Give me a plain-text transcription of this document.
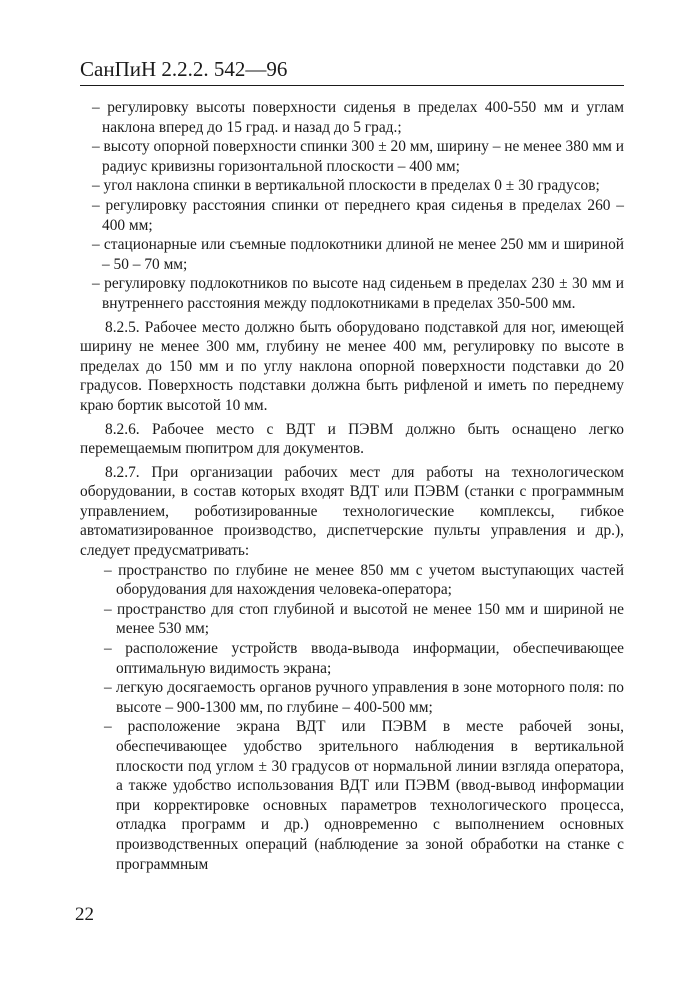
СанПиН 2.2.2. 542—96

– регулировку высоты поверхности сиденья в пределах 400-550 мм и углам наклона вперед до 15 град. и назад до 5 град.;

– высоту опорной поверхности спинки 300 ± 20 мм, ширину – не менее 380 мм и радиус кривизны горизонтальной плоскости – 400 мм;

– угол наклона спинки в вертикальной плоскости в пределах 0 ± 30 градусов;

– регулировку расстояния спинки от переднего края сиденья в пределах 260 – 400 мм;

– стационарные или съемные подлокотники длиной не менее 250 мм и шириной – 50 – 70 мм;

– регулировку подлокотников по высоте над сиденьем в пределах 230 ± 30 мм и внутреннего расстояния между подлокотниками в пределах 350-500 мм.

8.2.5. Рабочее место должно быть оборудовано подставкой для ног, имеющей ширину не менее 300 мм, глубину не менее 400 мм, регулировку по высоте в пределах до 150 мм и по углу наклона опорной поверхности подставки до 20 градусов. Поверхность подставки должна быть рифленой и иметь по переднему краю бортик высотой 10 мм.

8.2.6. Рабочее место с ВДТ и ПЭВМ должно быть оснащено легко перемещаемым пюпитром для документов.

8.2.7. При организации рабочих мест для работы на технологическом оборудовании, в состав которых входят ВДТ или ПЭВМ (станки с программным управлением, роботизированные технологические комплексы, гибкое автоматизированное производство, диспетчерские пульты управления и др.), следует предусматривать:

– пространство по глубине не менее 850 мм с учетом выступающих частей оборудования для нахождения человека-оператора;

– пространство для стоп глубиной и высотой не менее 150 мм и шириной не менее 530 мм;

– расположение устройств ввода-вывода информации, обеспечивающее оптимальную видимость экрана;

– легкую досягаемость органов ручного управления в зоне моторного поля: по высоте – 900-1300 мм, по глубине – 400-500 мм;

– расположение экрана ВДТ или ПЭВМ в месте рабочей зоны, обеспечивающее удобство зрительного наблюдения в вертикальной плоскости под углом ± 30 градусов от нормальной линии взгляда оператора, а также удобство использования ВДТ или ПЭВМ (ввод-вывод информации при корректировке основных параметров технологического процесса, отладка программ и др.) одновременно с выполнением основных производственных операций (наблюдение за зоной обработки на станке с программным

22
